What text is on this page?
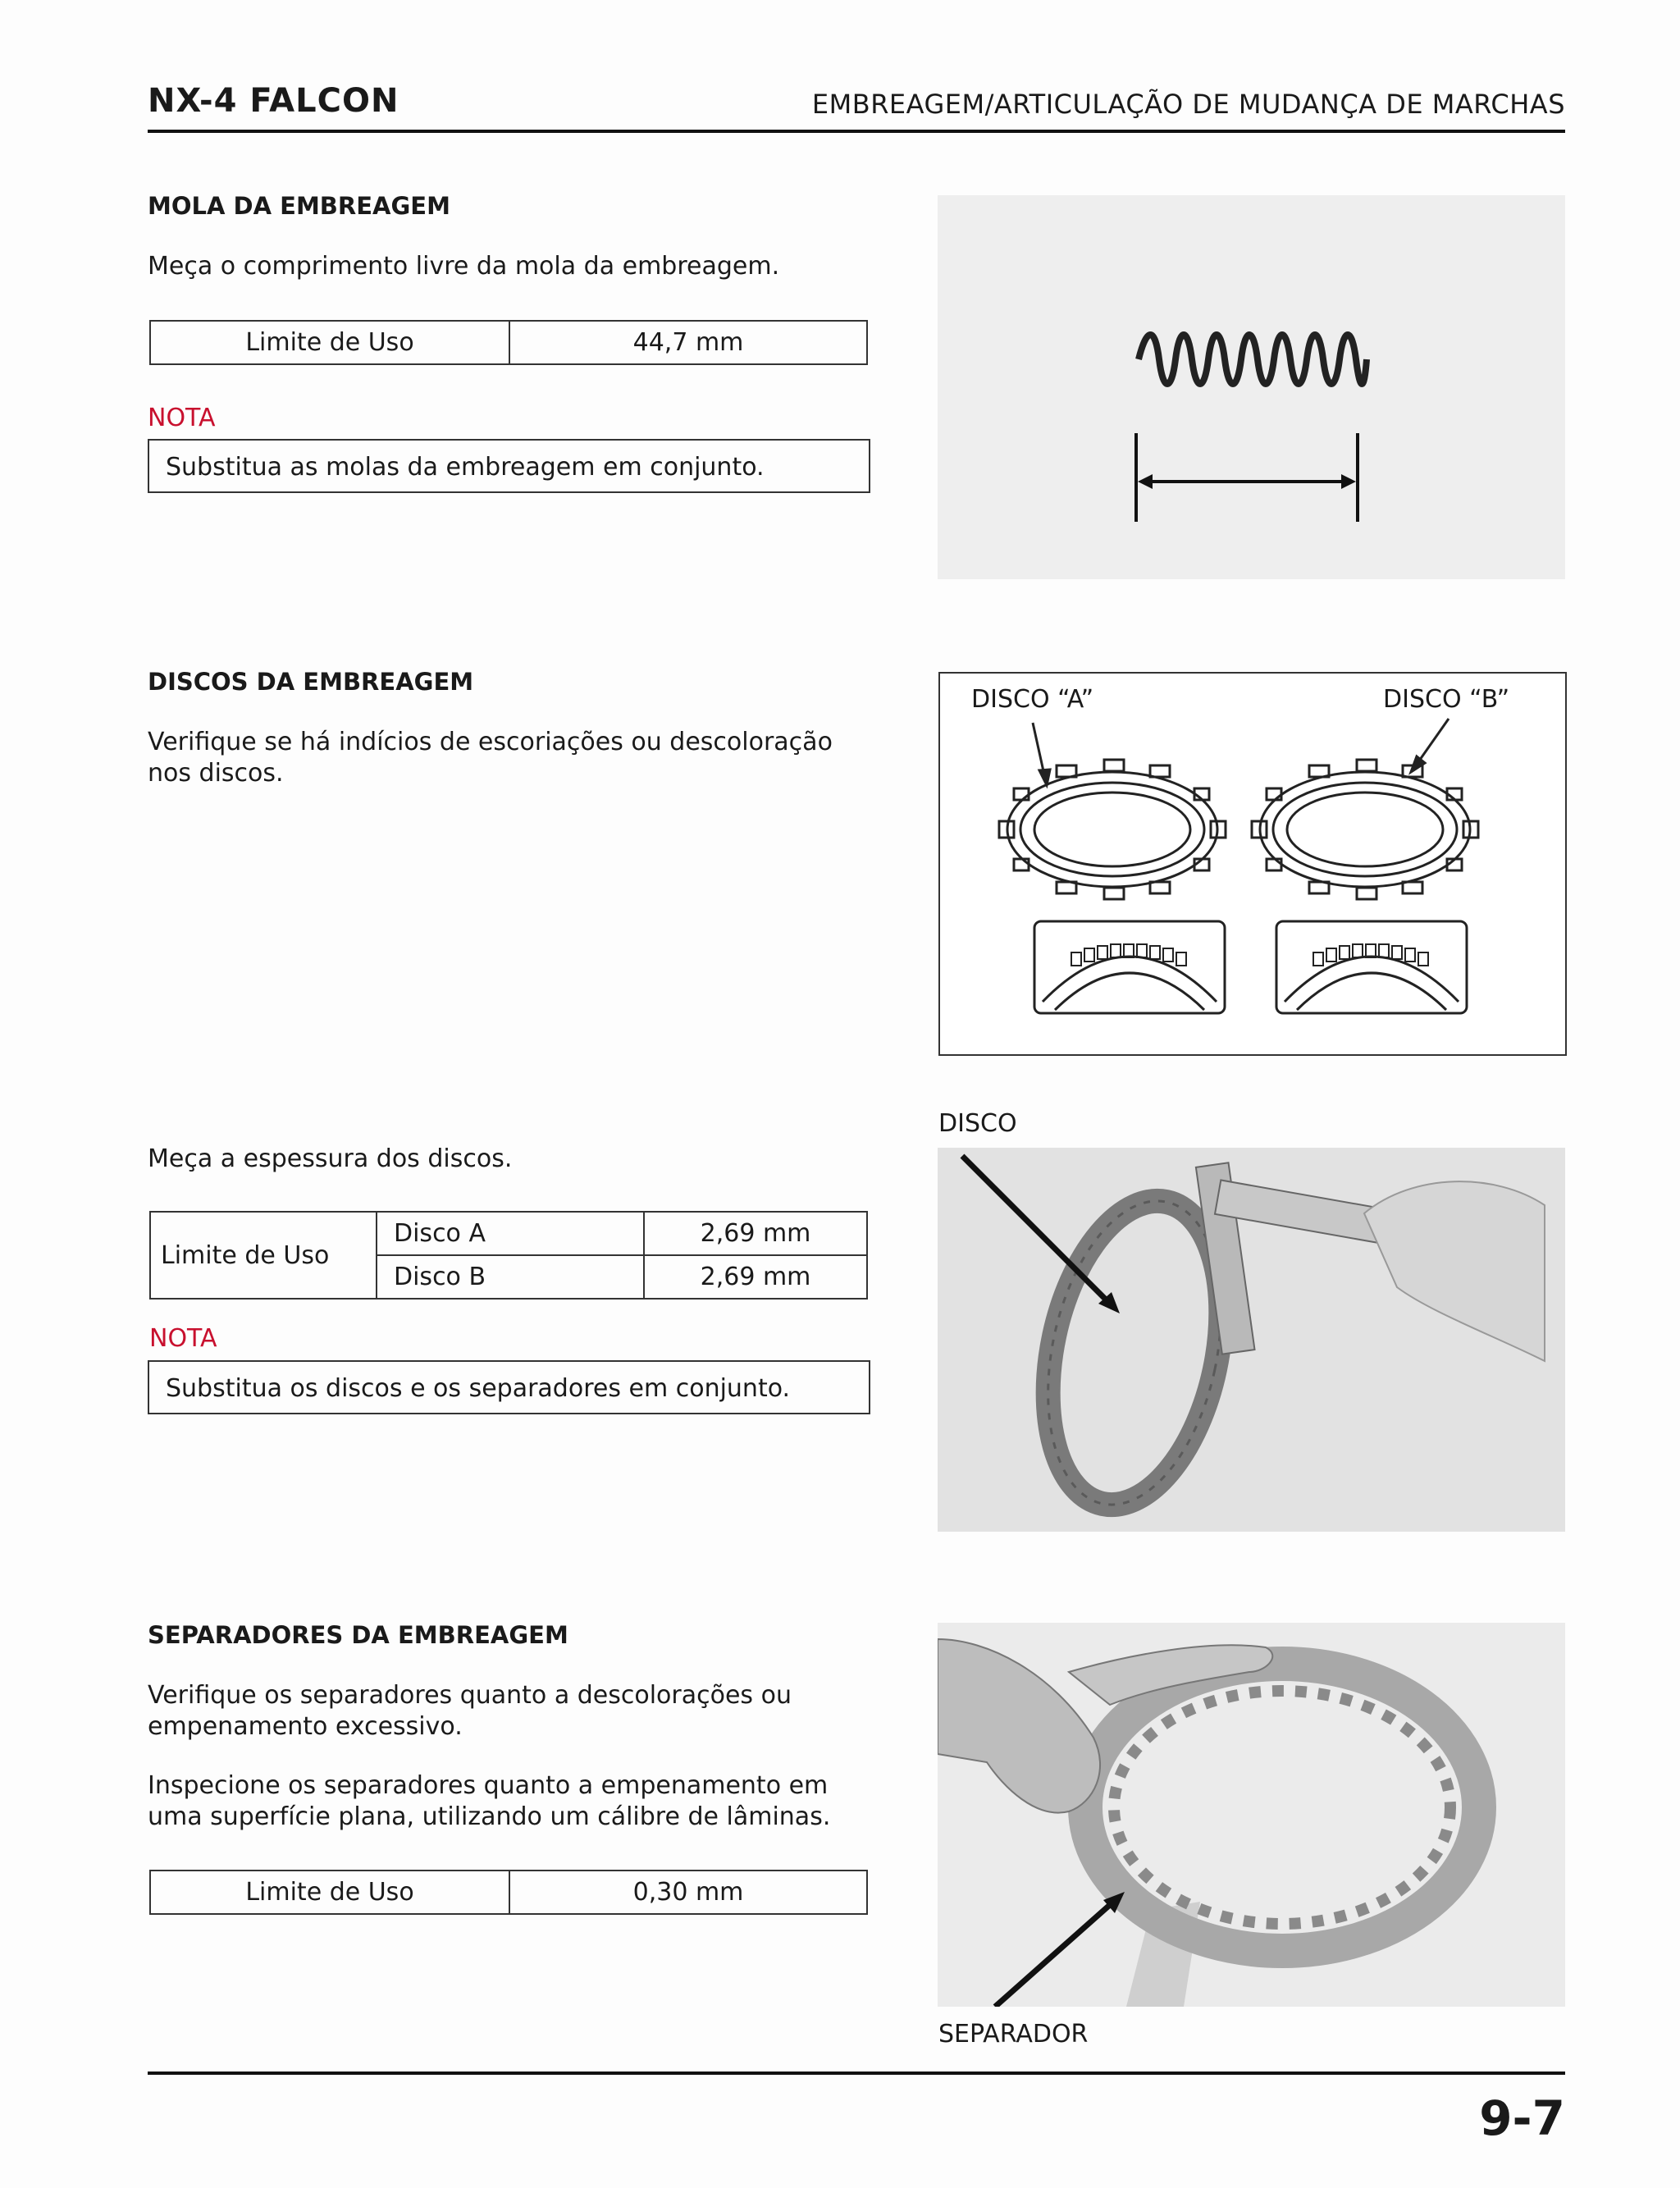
NX-4 FALCON	EMBREAGEM/ARTICULAÇÃO DE MUDANÇA DE MARCHAS
MOLA DA EMBREAGEM
Meça o comprimento livre da mola da embreagem.
Limite de Uso	44,7 mm
NOTA
Substitua as molas da embreagem em conjunto.
DISCOS DA EMBREAGEM
Verifique se há indícios de escoriações ou descoloração nos discos.
DISCO “A”	DISCO “B”
Meça a espessura dos discos.
Limite de Uso	Disco A	2,69 mm
	Disco B	2,69 mm
NOTA
Substitua os discos e os separadores em conjunto.
DISCO
SEPARADORES DA EMBREAGEM
Verifique os separadores quanto a descolorações ou empenamento excessivo.
Inspecione os separadores quanto a empenamento em uma superfície plana, utilizando um cálibre de lâminas.
Limite de Uso	0,30 mm
SEPARADOR
9-7
